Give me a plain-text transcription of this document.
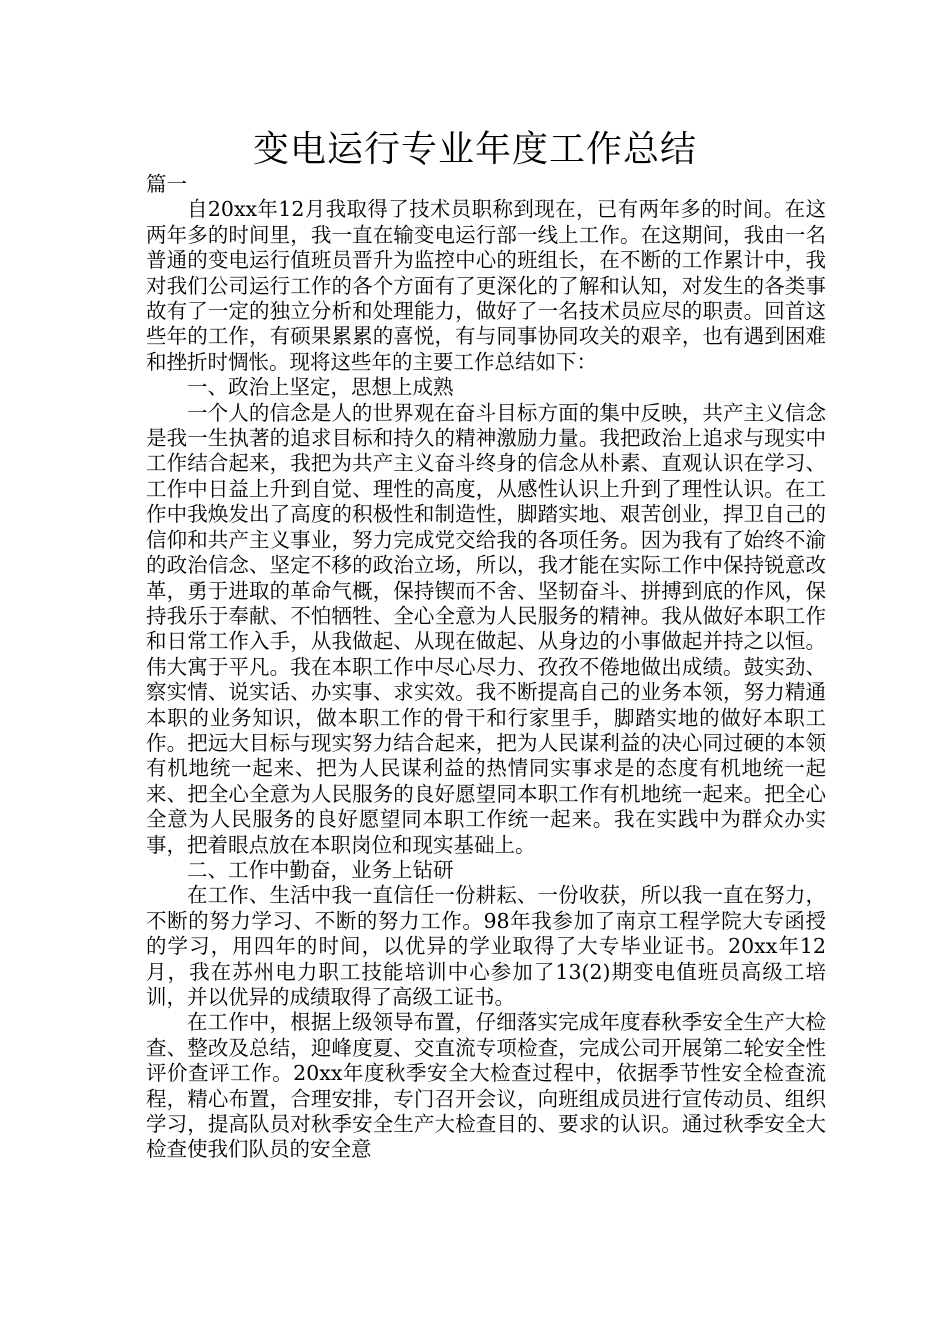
变电运行专业年度工作总结

篇一

自20xx年12月我取得了技术员职称到现在，已有两年多的时间。在这两年多的时间里，我一直在输变电运行部一线上工作。在这期间，我由一名普通的变电运行值班员晋升为监控中心的班组长，在不断的工作累计中，我对我们公司运行工作的各个方面有了更深化的了解和认知，对发生的各类事故有了一定的独立分析和处理能力，做好了一名技术员应尽的职责。回首这些年的工作，有硕果累累的喜悦，有与同事协同攻关的艰辛，也有遇到困难和挫折时惆怅。现将这些年的主要工作总结如下：

一、政治上坚定，思想上成熟

一个人的信念是人的世界观在奋斗目标方面的集中反映，共产主义信念是我一生执著的追求目标和持久的精神激励力量。我把政治上追求与现实中工作结合起来，我把为共产主义奋斗终身的信念从朴素、直观认识在学习、工作中日益上升到自觉、理性的高度，从感性认识上升到了理性认识。在工作中我焕发出了高度的积极性和制造性，脚踏实地、艰苦创业，捍卫自己的信仰和共产主义事业，努力完成党交给我的各项任务。因为我有了始终不渝的政治信念、坚定不移的政治立场，所以，我才能在实际工作中保持锐意改革，勇于进取的革命气概，保持锲而不舍、坚韧奋斗、拼搏到底的作风，保持我乐于奉献、不怕牺牲、全心全意为人民服务的精神。我从做好本职工作和日常工作入手，从我做起、从现在做起、从身边的小事做起并持之以恒。伟大寓于平凡。我在本职工作中尽心尽力、孜孜不倦地做出成绩。鼓实劲、察实情、说实话、办实事、求实效。我不断提高自己的业务本领，努力精通本职的业务知识，做本职工作的骨干和行家里手，脚踏实地的做好本职工作。把远大目标与现实努力结合起来，把为人民谋利益的决心同过硬的本领有机地统一起来、把为人民谋利益的热情同实事求是的态度有机地统一起来、把全心全意为人民服务的良好愿望同本职工作有机地统一起来。把全心全意为人民服务的良好愿望同本职工作统一起来。我在实践中为群众办实事，把着眼点放在本职岗位和现实基础上。

二、工作中勤奋，业务上钻研

在工作、生活中我一直信任一份耕耘、一份收获，所以我一直在努力，不断的努力学习、不断的努力工作。98年我参加了南京工程学院大专函授的学习，用四年的时间，以优异的学业取得了大专毕业证书。20xx年12月，我在苏州电力职工技能培训中心参加了13(2)期变电值班员高级工培训，并以优异的成绩取得了高级工证书。

在工作中，根据上级领导布置，仔细落实完成年度春秋季安全生产大检查、整改及总结，迎峰度夏、交直流专项检查，完成公司开展第二轮安全性评价查评工作。20xx年度秋季安全大检查过程中，依据季节性安全检查流程，精心布置，合理安排，专门召开会议，向班组成员进行宣传动员、组织学习，提高队员对秋季安全生产大检查目的、要求的认识。通过秋季安全大检查使我们队员的安全意
